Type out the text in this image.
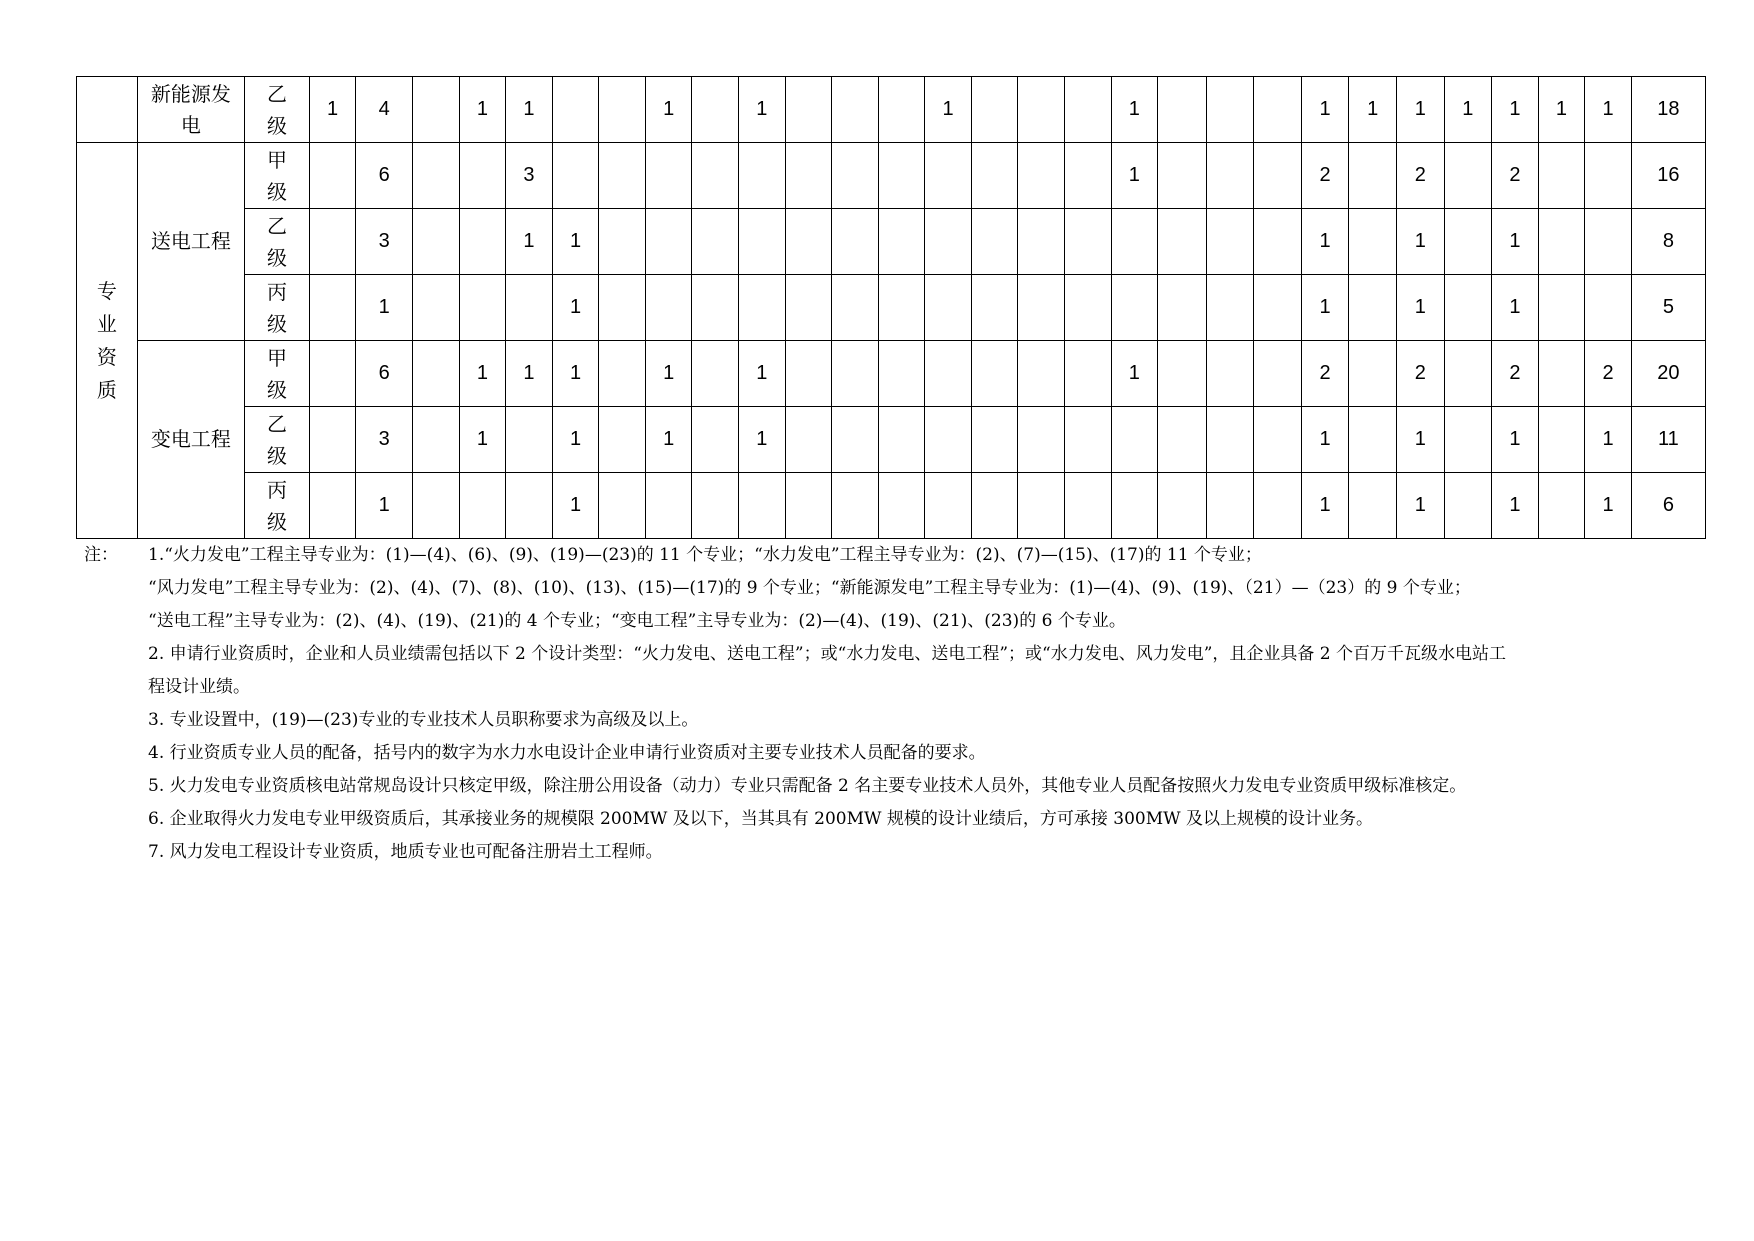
	新能源发电	乙级	1	4		1	1			1		1				1				1				1	1	1	1	1	1	1	18
专业资质	送电工程	甲级		6			3													1				2		2		2			16
		乙级		3			1	1																1		1		1			8
		丙级		1				1																1		1		1			5
	变电工程	甲级		6		1	1	1		1		1								1				2		2		2		2	20
		乙级		3		1		1		1		1												1		1		1		1	11
		丙级		1				1																1		1		1		1	6
注： 1.“火力发电”工程主导专业为：(1)—(4)、(6)、(9)、(19)—(23)的 11 个专业；“水力发电”工程主导专业为：(2)、(7)—(15)、(17)的 11 个专业；
“风力发电”工程主导专业为：(2)、(4)、(7)、(8)、(10)、(13)、(15)—(17)的 9 个专业；“新能源发电”工程主导专业为：(1)—(4)、(9)、(19)、（21）—（23）的 9 个专业；
“送电工程”主导专业为：(2)、(4)、(19)、(21)的 4 个专业；“变电工程”主导专业为：(2)—(4)、(19)、(21)、(23)的 6 个专业。
2. 申请行业资质时，企业和人员业绩需包括以下 2 个设计类型：“火力发电、送电工程”；或“水力发电、送电工程”；或“水力发电、风力发电”，且企业具备 2 个百万千瓦级水电站工
程设计业绩。
3. 专业设置中，(19)—(23)专业的专业技术人员职称要求为高级及以上。
4. 行业资质专业人员的配备，括号内的数字为水力水电设计企业申请行业资质对主要专业技术人员配备的要求。
5. 火力发电专业资质核电站常规岛设计只核定甲级，除注册公用设备（动力）专业只需配备 2 名主要专业技术人员外，其他专业人员配备按照火力发电专业资质甲级标准核定。
6. 企业取得火力发电专业甲级资质后，其承接业务的规模限 200MW 及以下，当其具有 200MW 规模的设计业绩后，方可承接 300MW 及以上规模的设计业务。
7. 风力发电工程设计专业资质，地质专业也可配备注册岩土工程师。
